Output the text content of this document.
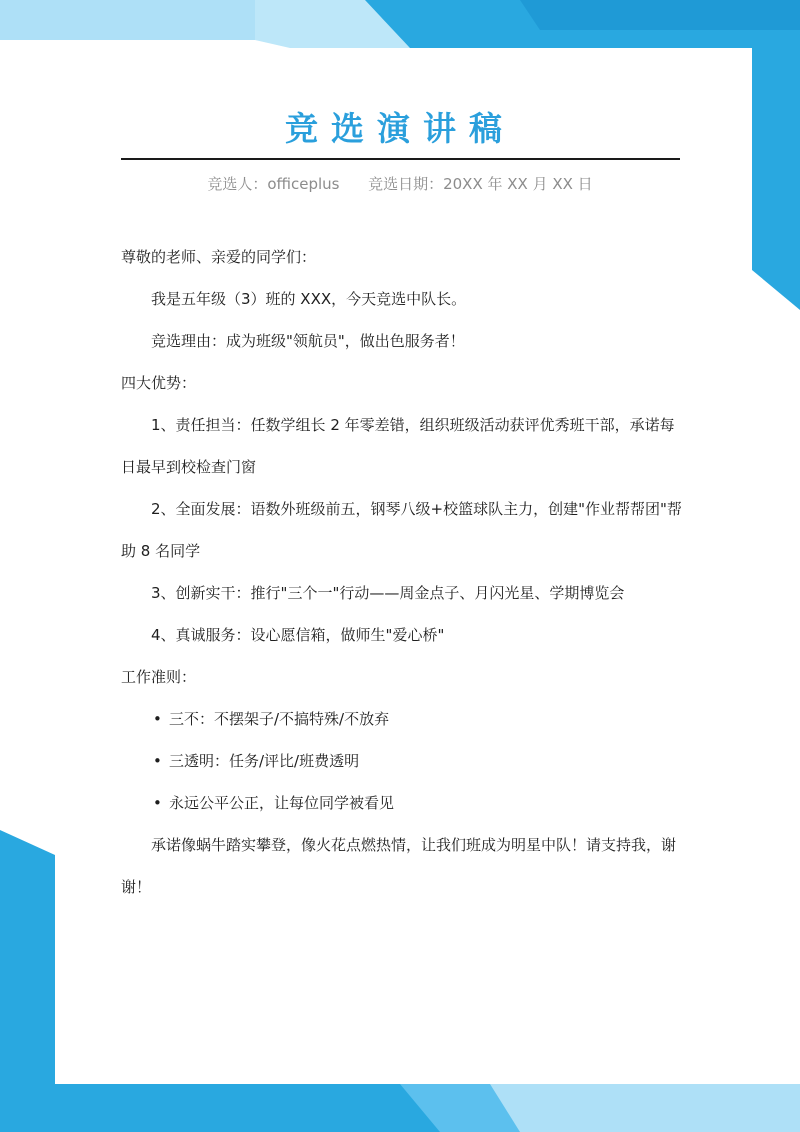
竞选演讲稿
竞选人：officeplus      竞选日期：20XX 年 XX 月 XX 日

尊敬的老师、亲爱的同学们：

我是五年级（3）班的 XXX，今天竞选中队长。

竞选理由：成为班级"领航员"，做出色服务者！

四大优势：

1、责任担当：任数学组长 2 年零差错，组织班级活动获评优秀班干部，承诺每日最早到校检查门窗

2、全面发展：语数外班级前五，钢琴八级+校篮球队主力，创建"作业帮帮团"帮助 8 名同学

3、创新实干：推行"三个一"行动——周金点子、月闪光星、学期博览会

4、真诚服务：设心愿信箱，做师生"爱心桥"

工作准则：

• 三不：不摆架子/不搞特殊/不放弃

• 三透明：任务/评比/班费透明

• 永远公平公正，让每位同学被看见

承诺像蜗牛踏实攀登，像火花点燃热情，让我们班成为明星中队！请支持我，谢谢！
